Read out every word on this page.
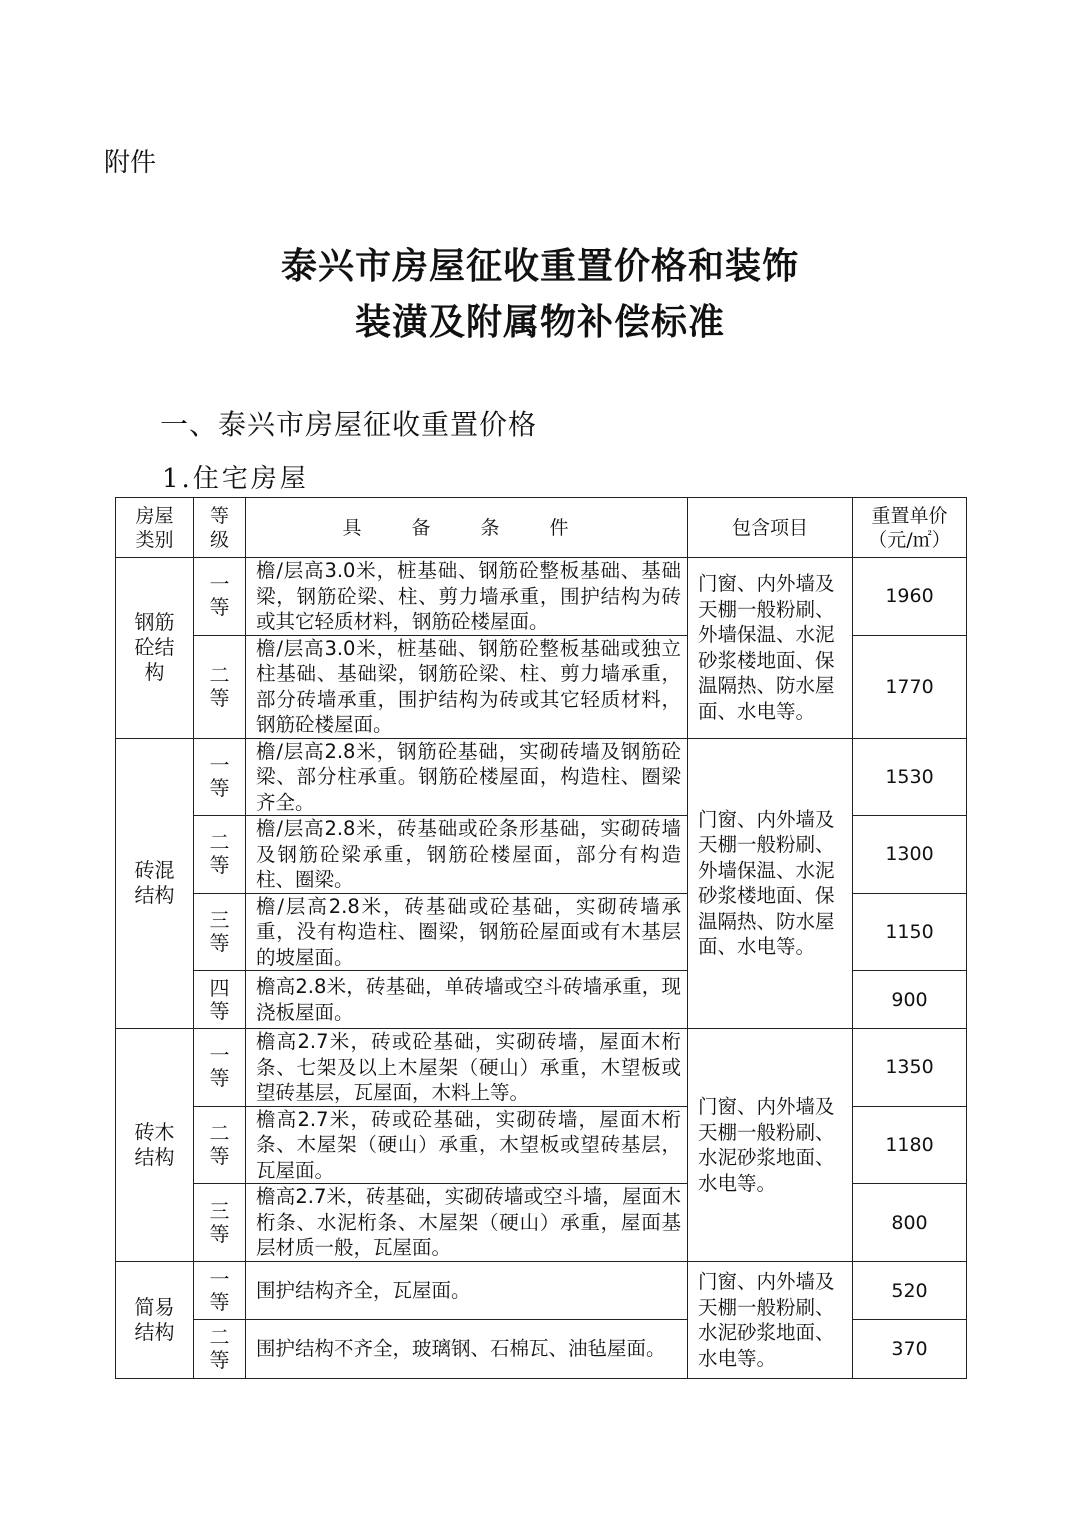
附件
泰兴市房屋征收重置价格和装饰
装潢及附属物补偿标准
一、泰兴市房屋征收重置价格
1.住宅房屋
房屋类别	等级	具 备 条 件	包含项目	重置单价（元/㎡）

钢筋砼结构	一等	檐/层高3.0米，桩基础、钢筋砼整板基础、基础梁，钢筋砼梁、柱、剪力墙承重，围护结构为砖或其它轻质材料，钢筋砼楼屋面。	门窗、内外墙及天棚一般粉刷、外墙保温、水泥砂浆楼地面、保温隔热、防水屋面、水电等。	1960

	二等	檐/层高3.0米，桩基础、钢筋砼整板基础或独立柱基础、基础梁，钢筋砼梁、柱、剪力墙承重，部分砖墙承重，围护结构为砖或其它轻质材料，钢筋砼楼屋面。		1770

砖混结构	一等	檐/层高2.8米，钢筋砼基础，实砌砖墙及钢筋砼梁、部分柱承重。钢筋砼楼屋面，构造柱、圈梁齐全。	门窗、内外墙及天棚一般粉刷、外墙保温、水泥砂浆楼地面、保温隔热、防水屋面、水电等。	1530

	二等	檐/层高2.8米，砖基础或砼条形基础，实砌砖墙及钢筋砼梁承重，钢筋砼楼屋面，部分有构造柱、圈梁。		1300

	三等	檐/层高2.8米，砖基础或砼基础，实砌砖墙承重，没有构造柱、圈梁，钢筋砼屋面或有木基层的坡屋面。		1150

	四等	檐高2.8米，砖基础，单砖墙或空斗砖墙承重，现浇板屋面。		900

砖木结构	一等	檐高2.7米，砖或砼基础，实砌砖墙，屋面木桁条、七架及以上木屋架（硬山）承重，木望板或望砖基层，瓦屋面，木料上等。	门窗、内外墙及天棚一般粉刷、水泥砂浆地面、水电等。	1350

	二等	檐高2.7米，砖或砼基础，实砌砖墙，屋面木桁条、木屋架（硬山）承重，木望板或望砖基层，瓦屋面。		1180

	三等	檐高2.7米，砖基础，实砌砖墙或空斗墙，屋面木桁条、水泥桁条、木屋架（硬山）承重，屋面基层材质一般，瓦屋面。		800

简易结构	一等	围护结构齐全，瓦屋面。	门窗、内外墙及天棚一般粉刷、水泥砂浆地面、水电等。	520

	二等	围护结构不齐全，玻璃钢、石棉瓦、油毡屋面。		370
